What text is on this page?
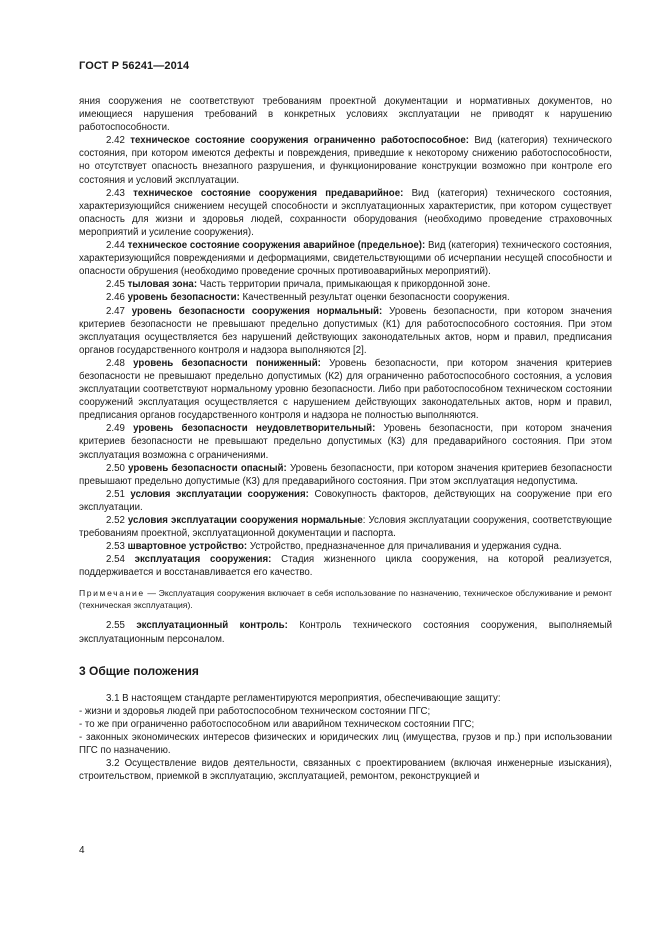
ГОСТ Р 56241—2014

яния сооружения не соответствуют требованиям проектной документации и нормативных документов, но имеющиеся нарушения требований в конкретных условиях эксплуатации не приводят к нарушению работоспособности.

2.42 техническое состояние сооружения ограниченно работоспособное: Вид (категория) технического состояния, при котором имеются дефекты и повреждения, приведшие к некоторому снижению работоспособности, но отсутствует опасность внезапного разрушения, и функционирование конструкции возможно при контроле его состояния и условий эксплуатации.

2.43 техническое состояние сооружения предаварийное: Вид (категория) технического состояния, характеризующийся снижением несущей способности и эксплуатационных характеристик, при котором существует опасность для жизни и здоровья людей, сохранности оборудования (необходимо проведение страховочных мероприятий и усиление сооружения).

2.44 техническое состояние сооружения аварийное (предельное): Вид (категория) технического состояния, характеризующийся повреждениями и деформациями, свидетельствующими об исчерпании несущей способности и опасности обрушения (необходимо проведение срочных противоаварийных мероприятий).

2.45 тыловая зона: Часть территории причала, примыкающая к прикордонной зоне.

2.46 уровень безопасности: Качественный результат оценки безопасности сооружения.

2.47 уровень безопасности сооружения нормальный: Уровень безопасности, при котором значения критериев безопасности не превышают предельно допустимых (К1) для работоспособного состояния. При этом эксплуатация осуществляется без нарушений действующих законодательных актов, норм и правил, предписания органов государственного контроля и надзора выполняются [2].

2.48 уровень безопасности пониженный: Уровень безопасности, при котором значения критериев безопасности не превышают предельно допустимых (К2) для ограниченно работоспособного состояния, а условия эксплуатации соответствуют нормальному уровню безопасности. Либо при работоспособном техническом состоянии сооружений эксплуатация осуществляется с нарушением действующих законодательных актов, норм и правил, предписания органов государственного контроля и надзора не полностью выполняются.

2.49 уровень безопасности неудовлетворительный: Уровень безопасности, при котором значения критериев безопасности не превышают предельно допустимых (К3) для предаварийного состояния. При этом эксплуатация возможна с ограничениями.

2.50 уровень безопасности опасный: Уровень безопасности, при котором значения критериев безопасности превышают предельно допустимые (К3) для предаварийного состояния. При этом эксплуатация недопустима.

2.51 условия эксплуатации сооружения: Совокупность факторов, действующих на сооружение при его эксплуатации.

2.52 условия эксплуатации сооружения нормальные: Условия эксплуатации сооружения, соответствующие требованиям проектной, эксплуатационной документации и паспорта.

2.53 швартовное устройство: Устройство, предназначенное для причаливания и удержания судна.

2.54 эксплуатация сооружения: Стадия жизненного цикла сооружения, на которой реализуется, поддерживается и восстанавливается его качество.

Примечание — Эксплуатация сооружения включает в себя использование по назначению, техническое обслуживание и ремонт (техническая эксплуатация).

2.55 эксплуатационный контроль: Контроль технического состояния сооружения, выполняемый эксплуатационным персоналом.

3 Общие положения

3.1 В настоящем стандарте регламентируются мероприятия, обеспечивающие защиту:

- жизни и здоровья людей при работоспособном техническом состоянии ПГС;

- то же при ограниченно работоспособном или аварийном техническом состоянии ПГС;

- законных экономических интересов физических и юридических лиц (имущества, грузов и пр.) при использовании ПГС по назначению.

3.2 Осуществление видов деятельности, связанных с проектированием (включая инженерные изыскания), строительством, приемкой в эксплуатацию, эксплуатацией, ремонтом, реконструкцией и

4
